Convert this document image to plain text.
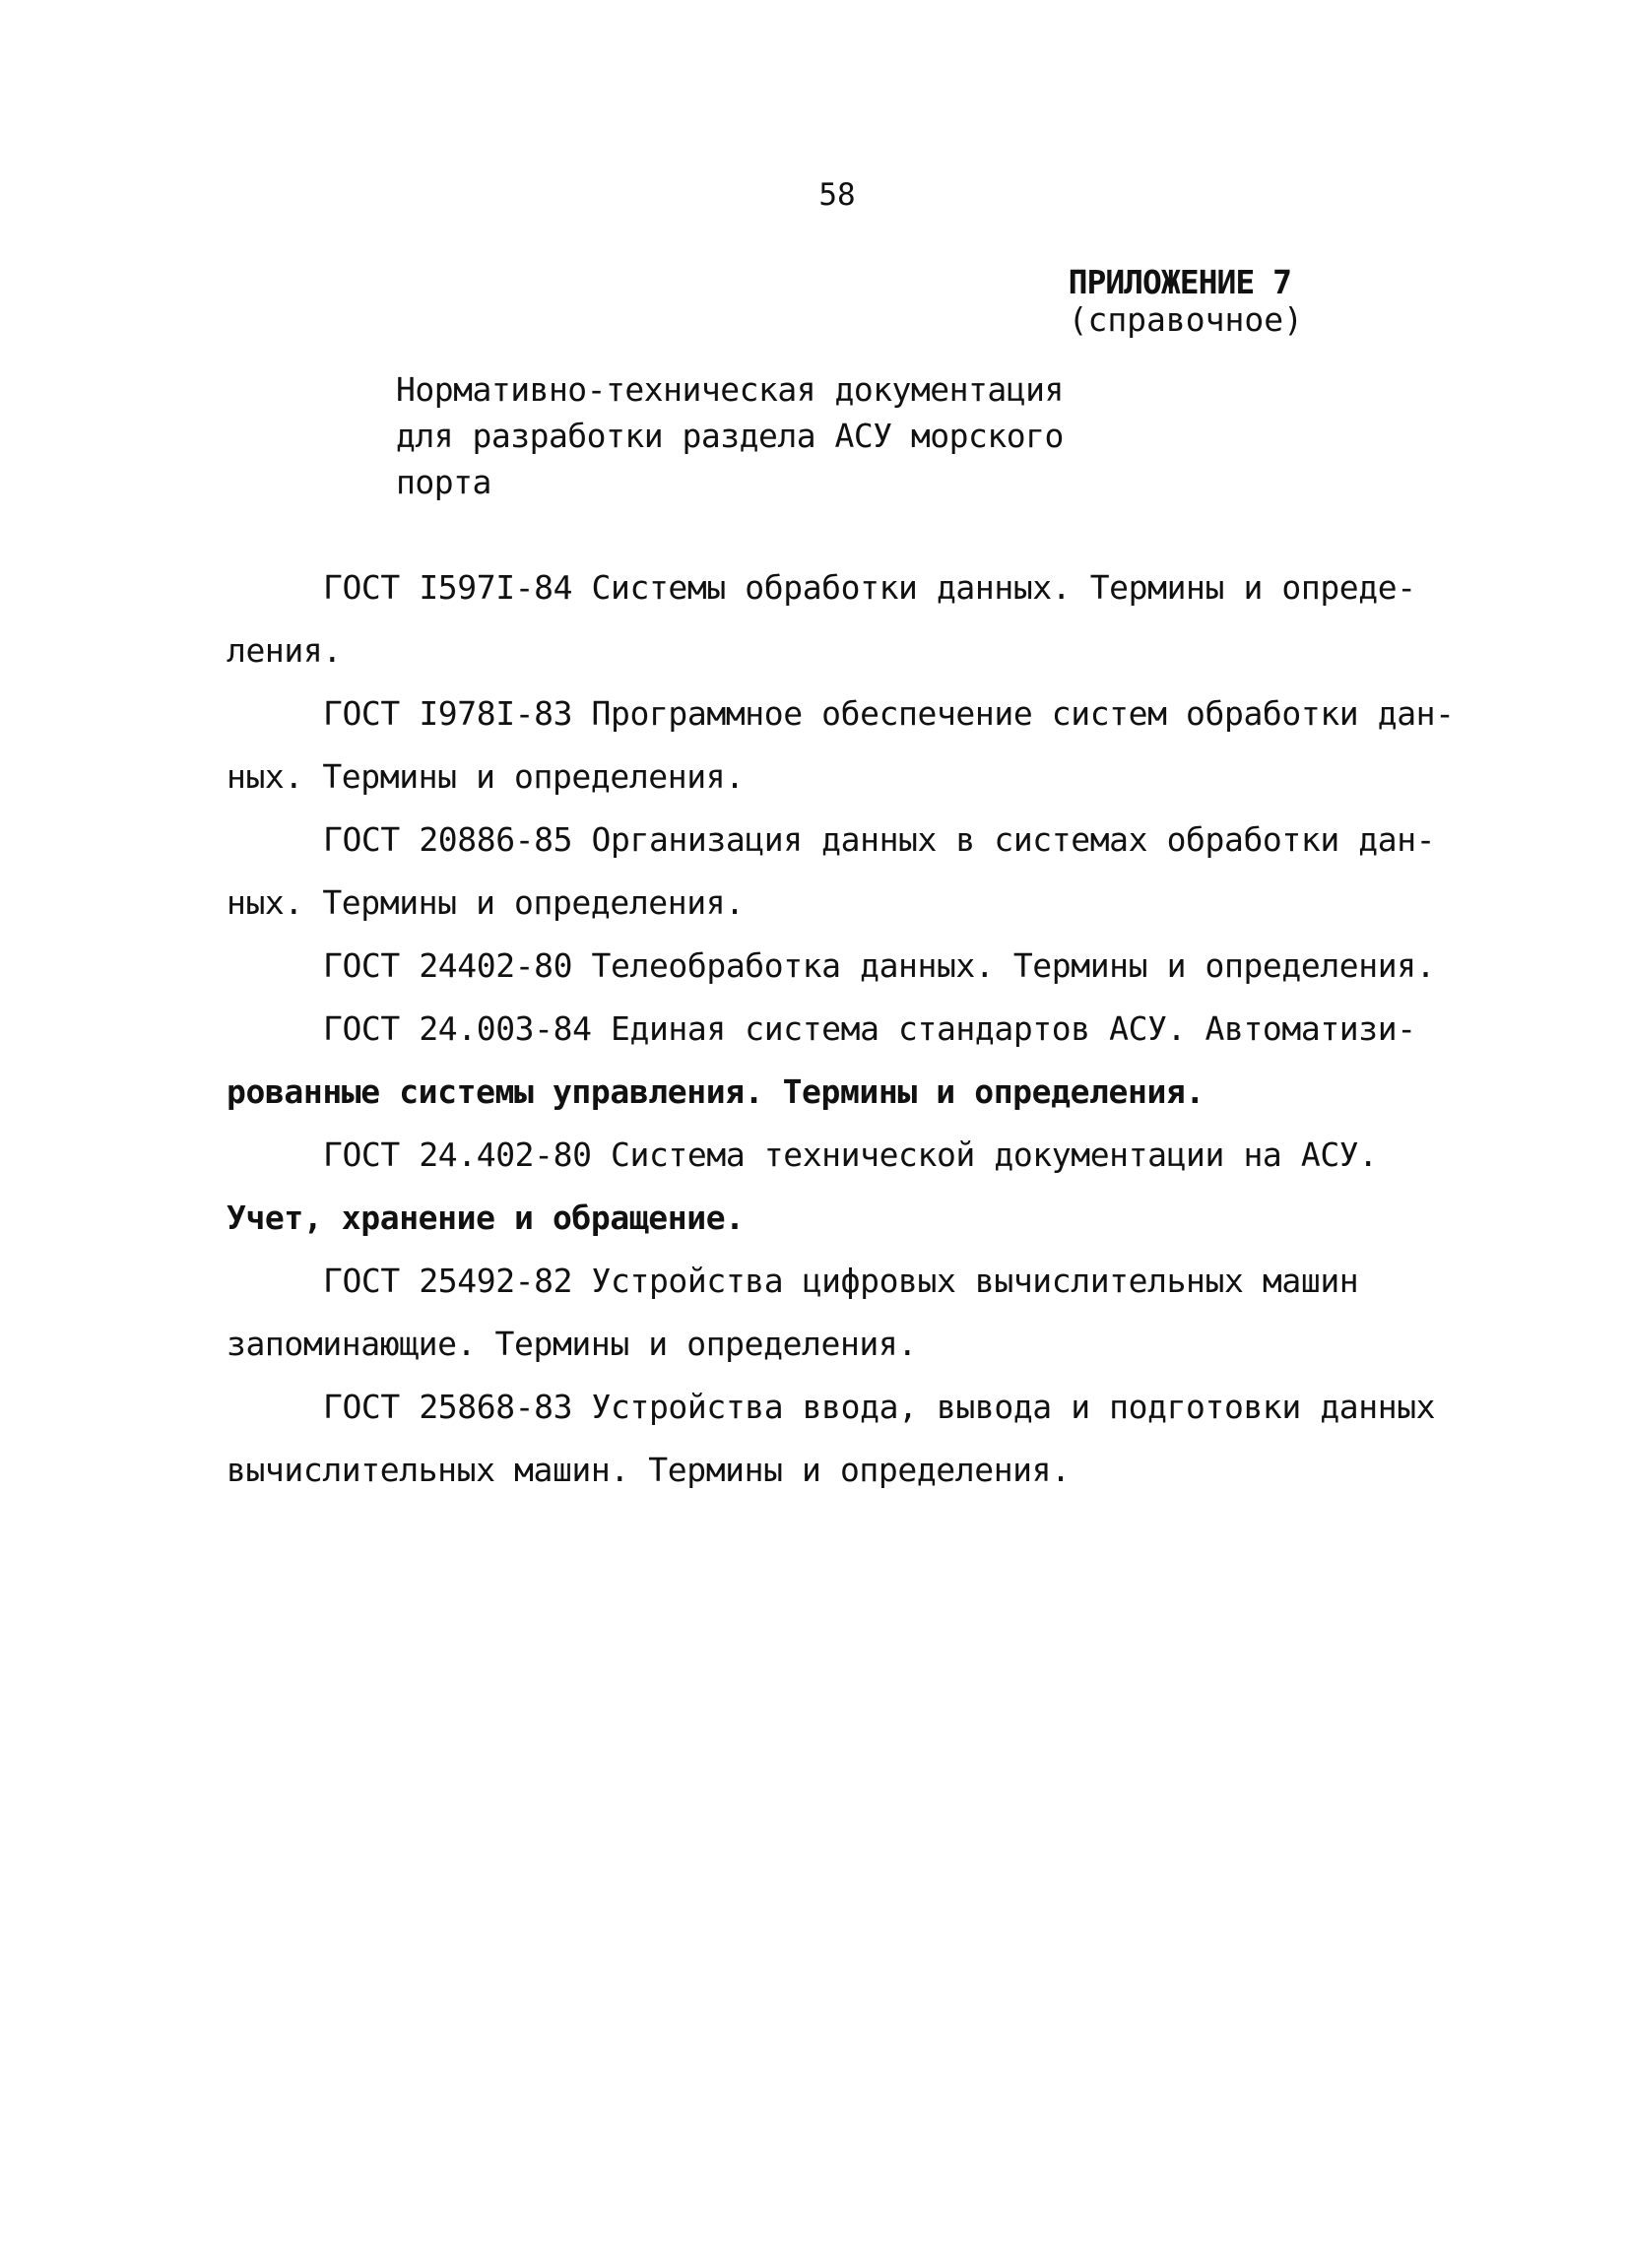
58
ПРИЛОЖЕНИЕ 7
(справочное)
Нормативно-техническая документация
для разработки раздела АСУ морского
порта
ГОСТ I597I-84 Системы обработки данных. Термины и опреде-
ления.
ГОСТ I978I-83 Программное обеспечение систем обработки дан-
ных. Термины и определения.
ГОСТ 20886-85 Организация данных в системах обработки дан-
ных. Термины и определения.
ГОСТ 24402-80 Телеобработка данных. Термины и определения.
ГОСТ 24.003-84 Единая система стандартов АСУ. Автоматизи-
рованные системы управления. Термины и определения.
ГОСТ 24.402-80 Система технической документации на АСУ.
Учет, хранение и обращение.
ГОСТ 25492-82 Устройства цифровых вычислительных машин
запоминающие. Термины и определения.
ГОСТ 25868-83 Устройства ввода, вывода и подготовки данных
вычислительных машин. Термины и определения.
